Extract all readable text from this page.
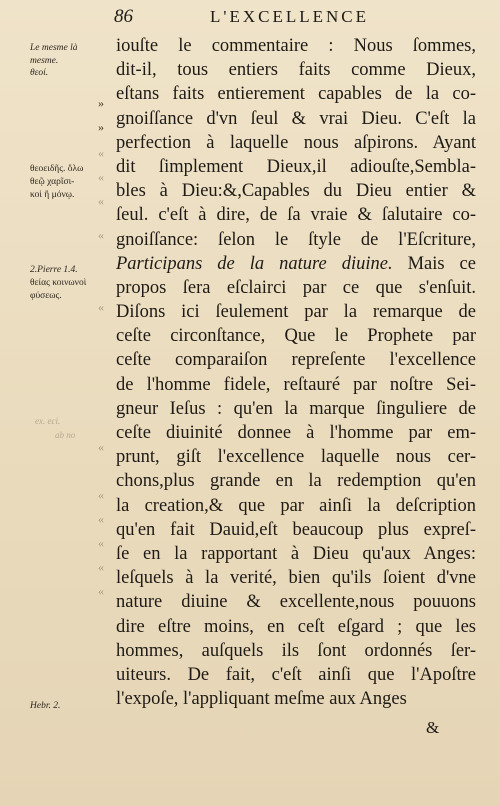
86	L'EXCELLENCE
Le mesme là
mesme.
θεοί.
θεοειδῆς. ὅλω
θεῷ χαρῖσι-
κοὶ ἢ μόνῳ.
2.Pierre 1.4.
θείας κοινωνοὶ
φύσεως.
Hebr. 2.
ex. eci.
ab no
»
»
«
«
«
«
«
«
«
«
«
«
«
iouſte le commentaire : Nous ſommes,
dit-il, tous entiers faits comme Dieux,
eſtans faits entierement capables de la co-
gnoiſſance d'vn ſeul & vrai Dieu. C'eſt la
perfection à laquelle nous aſpirons. Ayant
dit ſimplement Dieux,il adiouſte,Sembla-
bles à Dieu:&,Capables du Dieu entier &
ſeul. c'eſt à dire, de ſa vraie & ſalutaire co-
gnoiſſance: ſelon le ſtyle de l'Eſcriture,
Participans de la nature diuine. Mais ce
propos ſera eſclairci par ce que s'enſuit.
Diſons ici ſeulement par la remarque de
ceſte circonſtance, Que le Prophete par
ceſte comparaiſon repreſente l'excellence
de l'homme fidele, reſtauré par noſtre Sei-
gneur Ieſus : qu'en la marque ſinguliere de
ceſte diuinité donnee à l'homme par em-
prunt, giſt l'excellence laquelle nous cer-
chons,plus grande en la redemption qu'en
la creation,& que par ainſi la deſcription
qu'en fait Dauid,eſt beaucoup plus expreſ-
ſe en la rapportant à Dieu qu'aux Anges:
leſquels à la verité, bien qu'ils ſoient d'vne
nature diuine & excellente,nous pouuons
dire eſtre moins, en ceſt eſgard ; que les
hommes, auſquels ils ſont ordonnés ſer-
uiteurs. De fait, c'eſt ainſi que l'Apoſtre
l'expoſe, l'appliquant meſme aux Anges
&
